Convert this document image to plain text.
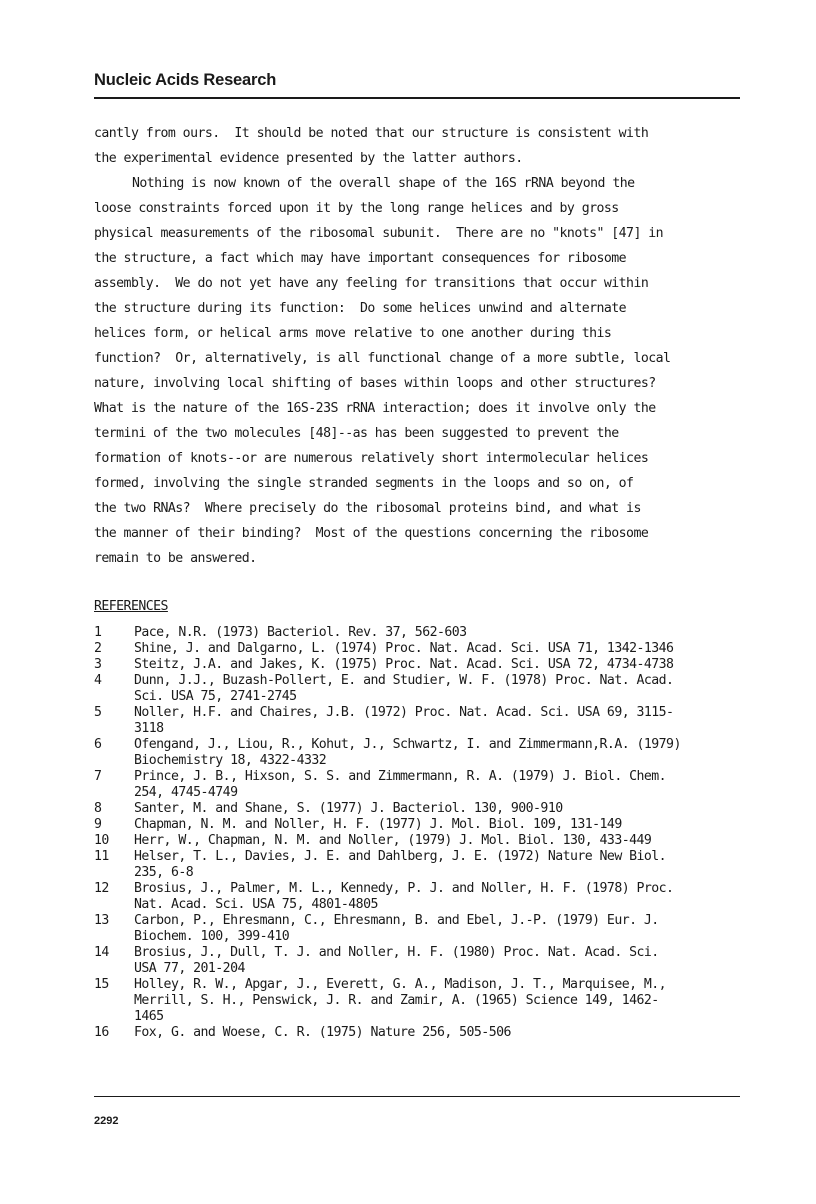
Nucleic Acids Research
cantly from ours.  It should be noted that our structure is consistent with
the experimental evidence presented by the latter authors.
Nothing is now known of the overall shape of the 16S rRNA beyond the
loose constraints forced upon it by the long range helices and by gross
physical measurements of the ribosomal subunit.  There are no "knots" [47] in
the structure, a fact which may have important consequences for ribosome
assembly.  We do not yet have any feeling for transitions that occur within
the structure during its function:  Do some helices unwind and alternate
helices form, or helical arms move relative to one another during this
function?  Or, alternatively, is all functional change of a more subtle, local
nature, involving local shifting of bases within loops and other structures?
What is the nature of the 16S-23S rRNA interaction; does it involve only the
termini of the two molecules [48]--as has been suggested to prevent the
formation of knots--or are numerous relatively short intermolecular helices
formed, involving the single stranded segments in the loops and so on, of
the two RNAs?  Where precisely do the ribosomal proteins bind, and what is
the manner of their binding?  Most of the questions concerning the ribosome
remain to be answered.
REFERENCES
1 Pace, N.R. (1973) Bacteriol. Rev. 37, 562-603
2 Shine, J. and Dalgarno, L. (1974) Proc. Nat. Acad. Sci. USA 71, 1342-1346
3 Steitz, J.A. and Jakes, K. (1975) Proc. Nat. Acad. Sci. USA 72, 4734-4738
4 Dunn, J.J., Buzash-Pollert, E. and Studier, W. F. (1978) Proc. Nat. Acad.
Sci. USA 75, 2741-2745
5 Noller, H.F. and Chaires, J.B. (1972) Proc. Nat. Acad. Sci. USA 69, 3115-
3118
6 Ofengand, J., Liou, R., Kohut, J., Schwartz, I. and Zimmermann,R.A. (1979)
Biochemistry 18, 4322-4332
7 Prince, J. B., Hixson, S. S. and Zimmermann, R. A. (1979) J. Biol. Chem.
254, 4745-4749
8 Santer, M. and Shane, S. (1977) J. Bacteriol. 130, 900-910
9 Chapman, N. M. and Noller, H. F. (1977) J. Mol. Biol. 109, 131-149
10 Herr, W., Chapman, N. M. and Noller, (1979) J. Mol. Biol. 130, 433-449
11 Helser, T. L., Davies, J. E. and Dahlberg, J. E. (1972) Nature New Biol.
235, 6-8
12 Brosius, J., Palmer, M. L., Kennedy, P. J. and Noller, H. F. (1978) Proc.
Nat. Acad. Sci. USA 75, 4801-4805
13 Carbon, P., Ehresmann, C., Ehresmann, B. and Ebel, J.-P. (1979) Eur. J.
Biochem. 100, 399-410
14 Brosius, J., Dull, T. J. and Noller, H. F. (1980) Proc. Nat. Acad. Sci.
USA 77, 201-204
15 Holley, R. W., Apgar, J., Everett, G. A., Madison, J. T., Marquisee, M.,
Merrill, S. H., Penswick, J. R. and Zamir, A. (1965) Science 149, 1462-
1465
16 Fox, G. and Woese, C. R. (1975) Nature 256, 505-506
2292
